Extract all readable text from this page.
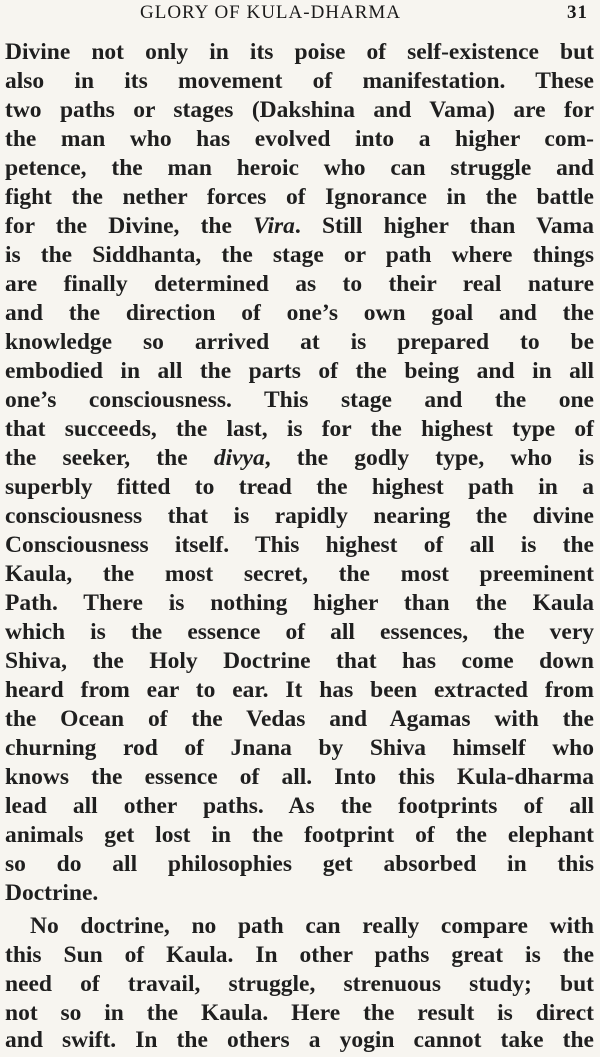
GLORY OF KULA-DHARMA	31
Divine not only in its poise of self-existence but
also in its movement of manifestation. These
two paths or stages (Dakshina and Vama) are for
the man who has evolved into a higher com-
petence, the man heroic who can struggle and
fight the nether forces of Ignorance in the battle
for the Divine, the Vira. Still higher than Vama
is the Siddhanta, the stage or path where things
are finally determined as to their real nature
and the direction of one’s own goal and the
knowledge so arrived at is prepared to be
embodied in all the parts of the being and in all
one’s consciousness. This stage and the one
that succeeds, the last, is for the highest type of
the seeker, the divya, the godly type, who is
superbly fitted to tread the highest path in a
consciousness that is rapidly nearing the divine
Consciousness itself. This highest of all is the
Kaula, the most secret, the most preeminent
Path. There is nothing higher than the Kaula
which is the essence of all essences, the very
Shiva, the Holy Doctrine that has come down
heard from ear to ear. It has been extracted from
the Ocean of the Vedas and Agamas with the
churning rod of Jnana by Shiva himself who
knows the essence of all. Into this Kula-dharma
lead all other paths. As the footprints of all
animals get lost in the footprint of the elephant
so do all philosophies get absorbed in this
Doctrine.
No doctrine, no path can really compare with
this Sun of Kaula. In other paths great is the
need of travail, struggle, strenuous study; but
not so in the Kaula. Here the result is direct
and swift. In the others a yogin cannot take the
